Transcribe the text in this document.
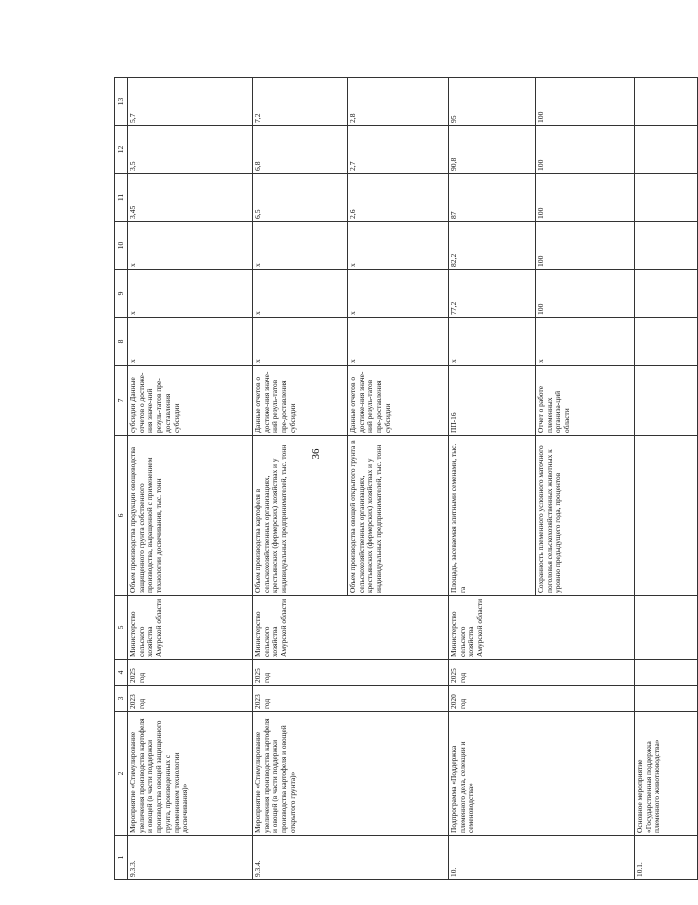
36
1	2	3	4	5	6	7	8	9	10	11	12	13
9.3.3.	Мероприятие «Стимулирование увеличения производства картофеля и овощей (в части поддержки производства овощей защищенного грунта, произведенных с применением технологии досвечивания)»	2023 год	2025 год	Министерство сельского хозяйства Амурской области	Объем производства продукции овощеводства защищенного грунта собственного производства, выращенной с применением технологии досвечивания, тыс. тонн	субсидии Данные отчетов о достиже-ния значе-ний резуль-татов пре-доставления субсидии	x	x	x	3,45	3,5	5,7
9.3.4.	Мероприятие «Стимулирование увеличения производства картофеля и овощей (в части поддержки производства картофеля и овощей открытого грунта)»	2023 год	2025 год	Министерство сельского хозяйства Амурской области	Объем производства картофеля в сельскохозяйственных организациях, крестьянских (фермерских) хозяйствах и у индивидуальных предпринимателей, тыс. тонн	Данные отчетов о достиже-ния значе-ний резуль-татов пре-доставления субсидии	x	x	x	6,5	6,8	7,2
					Объем производства овощей открытого грунта в сельскохозяйственных организациях, крестьянских (фермерских) хозяйствах и у индивидуальных предпринимателей, тыс. тонн	Данные отчетов о достиже-ния значе-ний резуль-татов пре-доставления субсидии	x	x	x	2,6	2,7	2,8
10.	Подпрограмма «Поддержка племенного дела, селекции и семеноводства»	2020 год	2025 год	Министерство сельского хозяйства Амурской области	Площадь, засеваемая элитными семенами, тыс. га	ПП-16	x	77,2	82,2	87	90,8	95
					Сохранность племенного условного маточного поголовья сельскохозяйственных животных к уровню предыдущего года, процентов	Отчет о работе племенных организа-ций области	x	100	100	100	100	100
10.1.	Основное мероприятие «Государственная поддержка племенного животноводства»											
